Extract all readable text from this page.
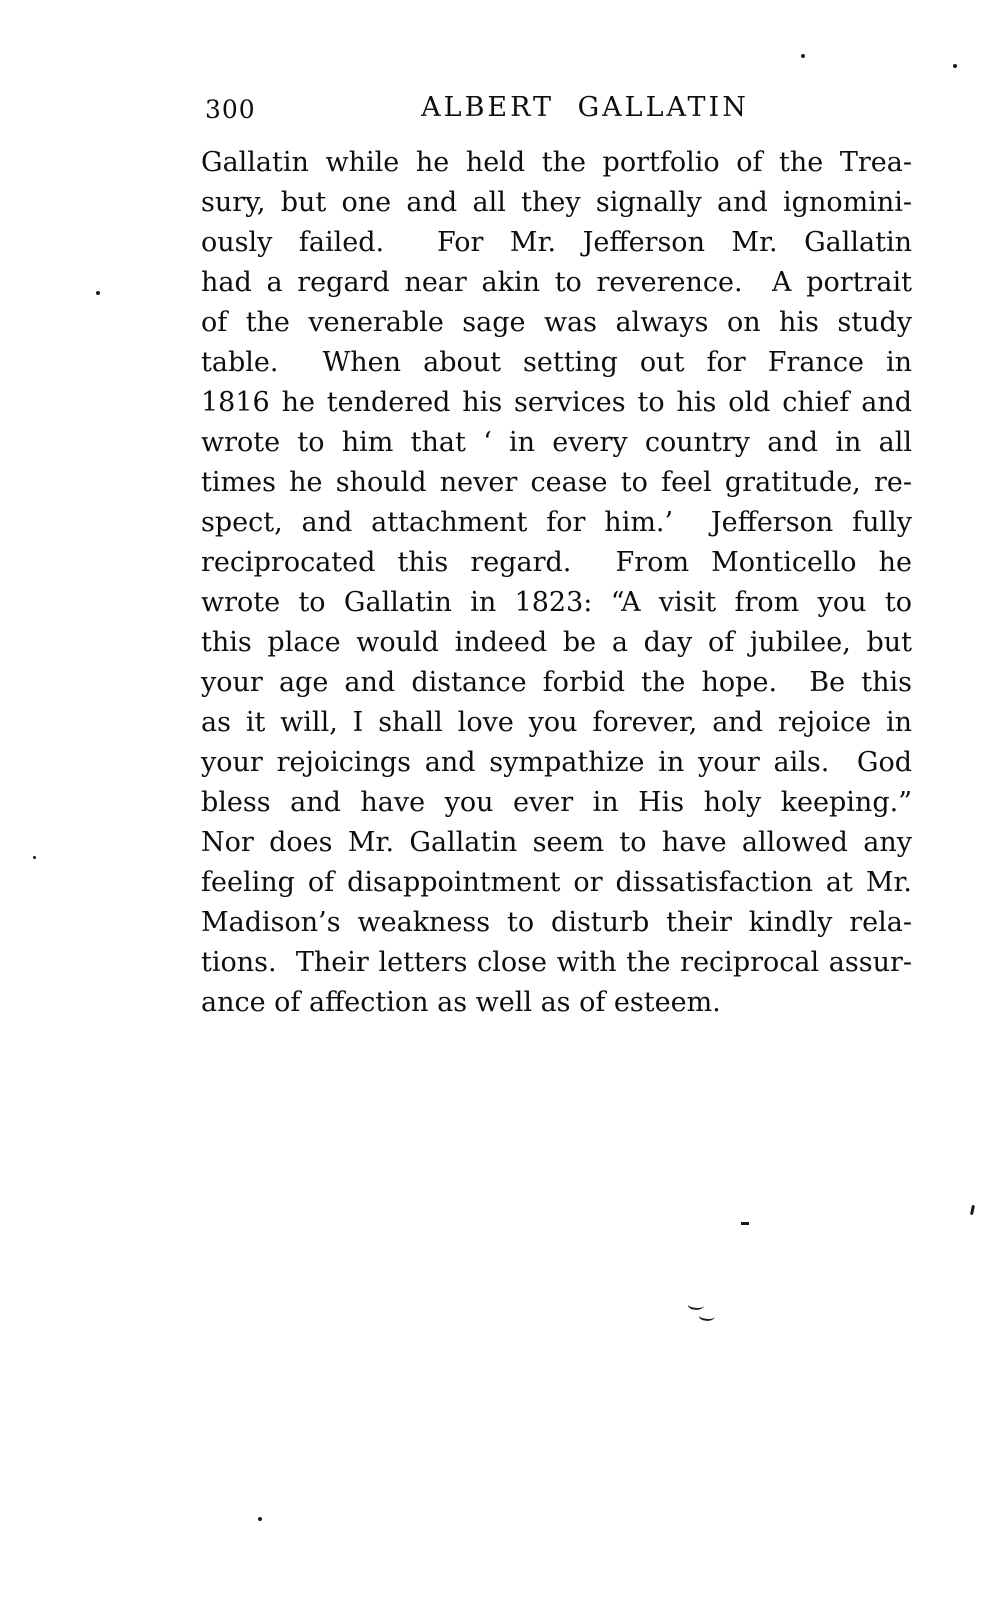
300	ALBERT GALLATIN
Gallatin while he held the portfolio of the Trea-
sury, but one and all they signally and ignomini-
ously failed.  For Mr. Jefferson Mr. Gallatin
had a regard near akin to reverence.  A portrait
of the venerable sage was always on his study
table.  When about setting out for France in
1816 he tendered his services to his old chief and
wrote to him that ‘ in every country and in all
times he should never cease to feel gratitude, re-
spect, and attachment for him.’  Jefferson fully
reciprocated this regard.  From Monticello he
wrote to Gallatin in 1823: “A visit from you to
this place would indeed be a day of jubilee, but
your age and distance forbid the hope.  Be this
as it will, I shall love you forever, and rejoice in
your rejoicings and sympathize in your ails.  God
bless and have you ever in His holy keeping.”
Nor does Mr. Gallatin seem to have allowed any
feeling of disappointment or dissatisfaction at Mr.
Madison’s weakness to disturb their kindly rela-
tions.  Their letters close with the reciprocal assur-
ance of affection as well as of esteem.
